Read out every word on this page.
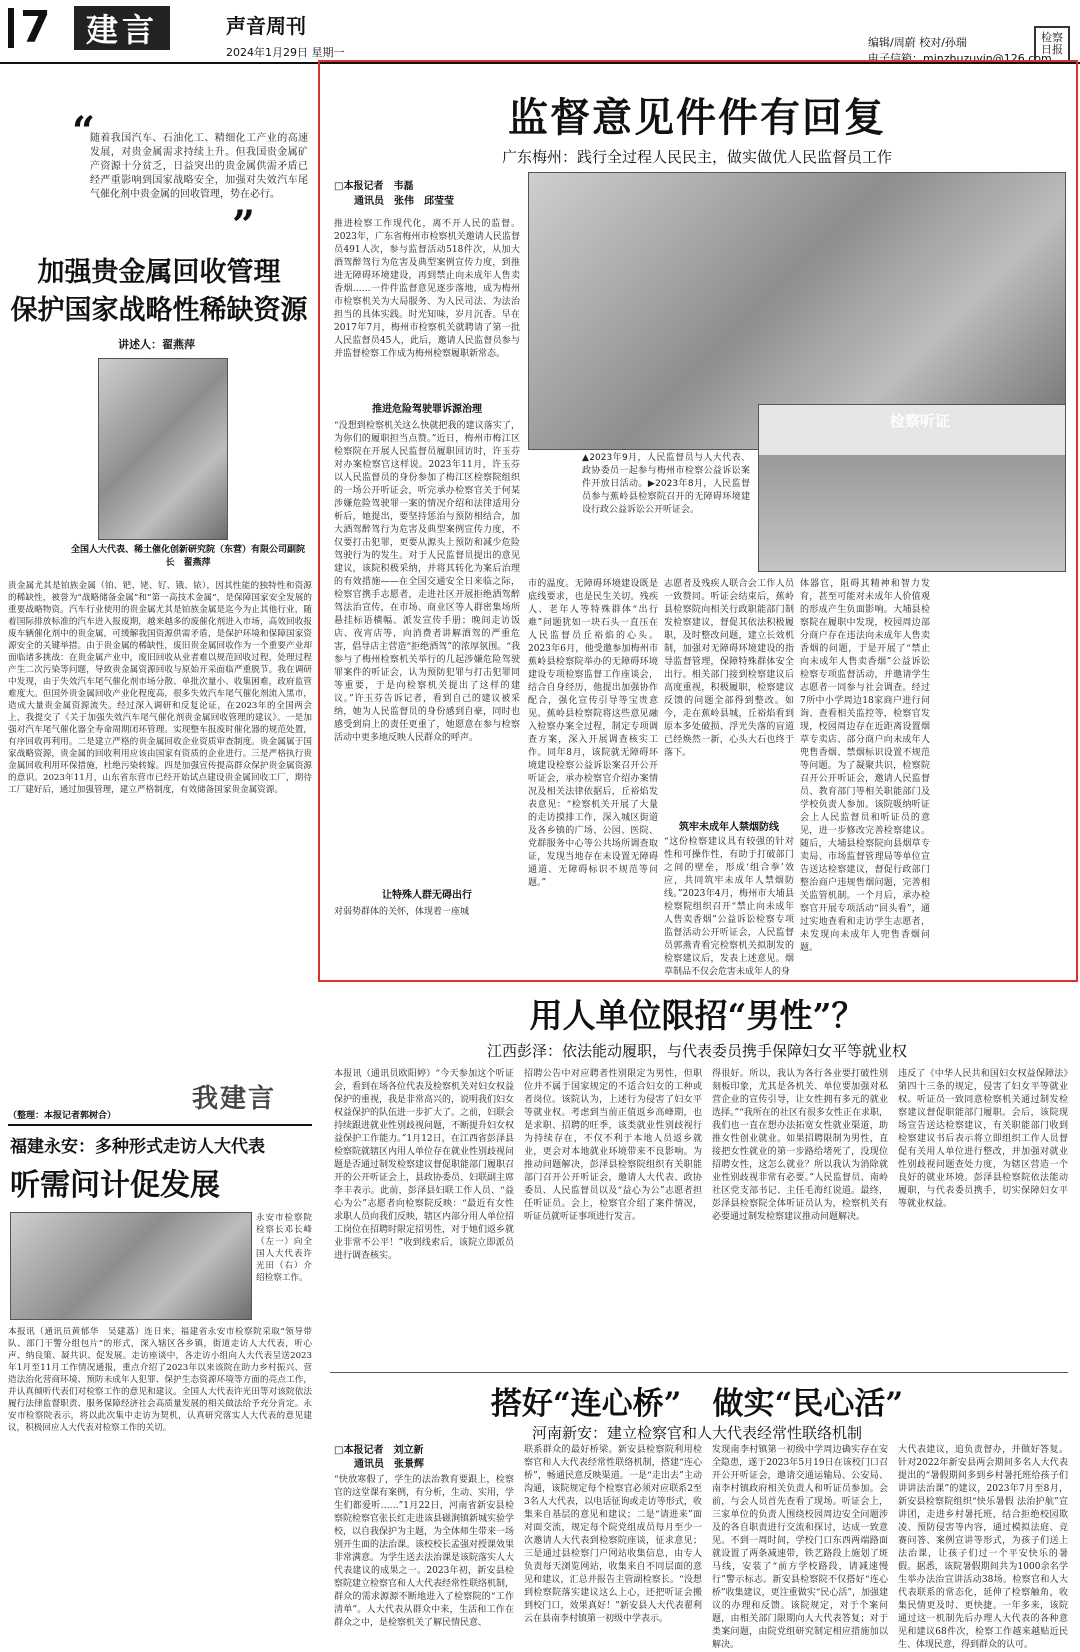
7	建言	声音周刊
2024年1月29日 星期一
编辑/周蔚 校对/孙瑞
电子信箱：minzhuzuyin@126.com
检察日报
“
随着我国汽车、石油化工、精细化工产业的高速发展，对贵金属需求持续上升。但我国贵金属矿产资源十分贫乏，日益突出的贵金属供需矛盾已经严重影响到国家战略安全，加强对失效汽车尾气催化剂中贵金属的回收管理，势在必行。
”
加强贵金属回收管理
保护国家战略性稀缺资源
讲述人：翟燕萍
全国人大代表、稀土催化创新研究院（东营）有限公司副院长　翟燕萍
贵金属尤其是铂族金属（铂、钯、铑、钌、锇、铱），因其性能的独特性和资源的稀缺性，被誉为“战略储备金属”和“第一高技术金属”，是保障国家安全发展的重要战略物资。汽车行业使用的贵金属尤其是铂族金属是迄今为止其他行业，随着国际排放标准的汽车进入报废期，越来越多的废催化剂进入市场，高效回收报废车辆催化剂中的贵金属，可缓解我国资源供需矛盾，是保护环境和保障国家资源安全的关键举措。由于贵金属的稀缺性，废旧贵金属回收作为一个重要产业却面临诸多挑战：在贵金属产业中，废旧回收从业者难以规范回收过程，处理过程产生二次污染等问题，导致贵金属资源回收与原始开采面临严重脱节。我在调研中发现，由于失效汽车尾气催化剂市场分散、单批次量小、收集困难，政府监管难度大。但国外贵金属回收产业化程度高，很多失效汽车尾气催化剂流入黑市，造成大量贵金属资源流失。经过深入调研和反复论证，在2023年的全国两会上，我提交了《关于加强失效汽车尾气催化剂贵金属回收管理的建议》。一是加强对汽车尾气催化器全寿命周期闭环管理。实现整车报废时催化器的规范处置，有序回收再利用。二是建立严格的贵金属回收企业资质审查制度。贵金属属于国家战略资源，贵金属的回收利用应该由国家有资质的企业进行。三是严格执行贵金属回收利用环保措施，杜绝污染转嫁。四是加强宣传提高群众保护贵金属资源的意识。2023年11月，山东省东营市已经开始试点建设贵金属回收工厂，期待工厂建好后，通过加强管理，建立严格制度，有效储备国家贵金属资源。
我建言
（整理：本报记者郭树合）
福建永安：多种形式走访人大代表
听需问计促发展
永安市检察院检察长邓长峰（左一）向全国人大代表许光田（右）介绍检察工作。
本报讯（通讯员黄郁华　吴建荔）连日来，福建省永安市检察院采取“领导带队、部门干警分组包片”的形式，深入辖区各乡镇，街道走访人大代表，听心声、纳良策、凝共识、促发展。走访座谈中，各走访小组向人大代表呈送2023年1月至11月工作情况通报，重点介绍了2023年以来该院在助力乡村振兴、营造法治化营商环境、预防未成年人犯罪、保护生态资源环境等方面的亮点工作，并认真倾听代表们对检察工作的意见和建议。全国人大代表许光田等对该院依法履行法律监督职责、服务保障经济社会高质量发展的相关做法给予充分肯定。永安市检察院表示，将以此次集中走访为契机，认真研究落实人大代表的意见建议，积极回应人大代表对检察工作的关切。
监督意见件件有回复
广东梅州：践行全过程人民民主，做实做优人民监督员工作
□本报记者　韦磊
通讯员　张伟　邱莹莹
推进检察工作现代化，离不开人民的监督。2023年，广东省梅州市检察机关邀请人民监督员491人次，参与监督活动518件次，从加大酒驾醉驾行为危害及典型案例宣传力度，到推进无障碍环境建设，再到禁止向未成年人售卖香烟……一件件监督意见逐步落地，成为梅州市检察机关为大局服务、为人民司法、为法治担当的具体实践。时光知味，岁月沉香。早在2017年7月，梅州市检察机关就聘请了第一批人民监督员45人，此后，邀请人民监督员参与并监督检察工作成为梅州检察履职新常态。
推进危险驾驶罪诉源治理
“没想到检察机关这么快就把我的建议落实了，为你们的履职担当点赞。”近日，梅州市梅江区检察院在开展人民监督员履职回访时，许玉芬对办案检察官这样说。2023年11月，许玉芬以人民监督员的身份参加了梅江区检察院组织的一场公开听证会，听完承办检察官关于何某涉嫌危险驾驶罪一案的情况介绍和法律适用分析后，她提出，要坚持惩治与预防相结合，加大酒驾醉驾行为危害及典型案例宣传力度，不仅要打击犯罪，更要从源头上预防和减少危险驾驶行为的发生。对于人民监督员提出的意见建议，该院积极采纳，并将其转化为案后治理的有效措施——在全国交通安全日来临之际，检察官携手志愿者，走进社区开展拒绝酒驾醉驾法治宣传，在市场、商业区等人群密集场所悬挂标语横幅、派发宣传手册；晚间走访饭店、夜宵店等，向消费者讲解酒驾的严重危害，倡导店主营造“拒绝酒驾”的浓厚氛围。“我参与了梅州检察机关举行的几起涉嫌危险驾驶罪案件的听证会，认为预防犯罪与打击犯罪同等重要，于是向检察机关提出了这样的建议。”许玉芬告诉记者，看到自己的建议被采纳，她为人民监督员的身份感到自豪，同时也感受到肩上的责任更重了，她愿意在参与检察活动中更多地反映人民群众的呼声。
让特殊人群无碍出行
对弱势群体的关怀，体现着一座城
检察听证
▲2023年9月，人民监督员与人大代表、政协委员一起参与梅州市检察公益诉讼案件开放日活动。▶2023年8月，人民监督员参与蕉岭县检察院召开的无障碍环境建设行政公益诉讼公开听证会。
市的温度。无障碍环境建设既是底线要求，也是民生关切。残疾人、老年人等特殊群体“出行难”问题犹如一块石头一直压在人民监督员丘裕焰的心头。2023年6月，他受邀参加梅州市蕉岭县检察院举办的无障碍环境建设专项检察监督工作座谈会，结合自身经历，他提出加强协作配合，强化宣传引导等宝贵意见。蕉岭县检察院将这些意见融入检察办案全过程，制定专项调查方案，深入开展调查核实工作。同年8月，该院就无障碍环境建设检察公益诉讼案召开公开听证会，承办检察官介绍办案情况及相关法律依据后，丘裕焰发表意见：“检察机关开展了大量的走访摸排工作，深入城区街道及各乡镇的广场、公园、医院、党群服务中心等公共场所调查取证，发现当地存在未设置无障碍通道、无障碍标识不规范等问题。”
志愿者及残疾人联合会工作人员一致赞同。听证会结束后，蕉岭县检察院向相关行政职能部门制发检察建议，督促其依法积极履职，及时整改问题，建立长效机制，加强对无障碍环境建设的指导监督管理，保障特殊群体安全出行。相关部门接到检察建议后高度重视，积极履职，检察建议反馈的问题全部得到整改。如今，走在蕉岭县城，丘裕焰看到原本多处破损、浮光失落的盲道已经焕然一新，心头大石也终于落下。
筑牢未成年人禁烟防线
“这份检察建议具有较强的针对性和可操作性，有助于打破部门之间的壁垒，形成‘组合拳’效应，共同筑牢未成年人禁烟防线。”2023年4月，梅州市大埔县检察院组织召开“禁止向未成年人售卖香烟”公益诉讼检察专项监督活动公开听证会，人民监督员郭燕青看完检察机关拟制发的检察建议后，发表上述意见。烟草制品不仅会危害未成年人的身
体器官，阻碍其精神和智力发育，甚至可能对未成年人价值观的形成产生负面影响。大埔县检察院在履职中发现，校园周边部分商户存在违法向未成年人售卖香烟的问题，于是开展了“禁止向未成年人售卖香烟”公益诉讼检察专项监督活动，并邀请学生志愿者一同参与社会调查。经过7所中小学周边18家商户进行问询、查看相关监控等，检察官发现，校园周边存在近距离设置烟草专卖店、部分商户向未成年人兜售香烟、禁烟标识设置不规范等问题。为了凝聚共识，检察院召开公开听证会，邀请人民监督员、教育部门等相关职能部门及学校负责人参加。该院吸纳听证会上人民监督员和听证员的意见，进一步修改完善检察建议。随后，大埔县检察院向县烟草专卖局、市场监督管理局等单位宣告送达检察建议，督促行政部门整治商户违规售烟问题，完善相关监管机制。一个月后，承办检察官开展专项活动“回头看”，通过实地查看和走访学生志愿者，未发现向未成年人兜售香烟问题。
用人单位限招“男性”？
江西彭泽：依法能动履职，与代表委员携手保障妇女平等就业权
本报讯（通讯员欧阳婷）“今天参加这个听证会，看到在场各位代表及检察机关对妇女权益保护的重视，我是非常高兴的，说明我们妇女权益保护的队伍进一步扩大了。之前，妇联会持续跟进就业性别歧视问题，不断提升妇女权益保护工作能力。”1月12日，在江西省彭泽县检察院就辖区内用人单位存在就业性别歧视问题是否通过制发检察建议督促职能部门履职召开的公开听证会上，县政协委员、妇联副主席李丰表示。此前，彭泽县妇联工作人员、“益心为公”志愿者向检察院反映：“最近有女性求职人员向我们反映，辖区内部分用人单位招工岗位在招聘时限定招男性，对于她们返乡就业非常不公平！”收到线索后，该院立即派员进行调查核实。
招聘公告中对应聘者性别限定为男性，但职位并不属于国家规定的不适合妇女的工种或者岗位。该院认为，上述行为侵害了妇女平等就业权。考虑到当前正值返乡高峰期，也是求职、招聘的旺季，该类就业性别歧视行为持续存在，不仅不利于本地人员返乡就业，更会对本地就业环境带来不良影响。为推动问题解决，彭泽县检察院组织有关职能部门召开公开听证会，邀请人大代表、政协委员、人民监督员以及“益心为公”志愿者担任听证员。会上，检察官介绍了案件情况，听证员就听证事项进行发言。
得很好。所以，我认为各行各业要打破性别刻板印象，尤其是各机关、单位要加强对私营企业的宣传引导，让女性拥有多元的就业选择。”“我所在的社区有很多女性正在求职，我们也一直在想办法拓宽女性就业渠道，助推女性创业就业。如果招聘限制为男性，直接把女性就业的第一步路给堵死了，没现位招聘女性，这怎么就业？所以我认为消除就业性别歧视非常有必要。”人民监督员、南岭社区党支部书记、主任毛海红说道。最终，彭泽县检察院全体听证员认为，检察机关有必要通过制发检察建议推动问题解决。
违反了《中华人民共和国妇女权益保障法》第四十三条的规定，侵害了妇女平等就业权。听证员一致同意检察机关通过制发检察建议督促职能部门履职。会后，该院现场宣告送达检察建议，有关职能部门收到检察建议书后表示将立即组织工作人员督促有关用人单位进行整改，并加强对就业性别歧视问题查处力度，为辖区营造一个良好的就业环境。彭泽县检察院依法能动履职，与代表委员携手，切实保障妇女平等就业权益。
搭好“连心桥”　做实“民心活”
河南新安：建立检察官和人大代表经常性联络机制
□本报记者　刘立新
通讯员　张景辉
“快放寒假了，学生的法治教育要跟上，检察官的这堂课有案例，有分析，生动、实用，学生们都爱听……”1月22日，河南省新安县检察院检察官张长红走进该县磁涧镇新城实验学校，以自我保护为主题，为全体师生带来一场别开生面的法治课。该校校长孟强对授课效果非常满意。为学生送去法治课是该院落实人大代表建议的成果之一。2023年初，新安县检察院建立检察官和人大代表经常性联络机制，群众的需求源源不断地进入了检察院的“工作清单”。人大代表从群众中来，生活和工作在群众之中，是检察机关了解民情民意、
联系群众的最好桥梁。新安县检察院利用检察官和人大代表经常性联络机制，搭建“连心桥”，畅通民意反映渠道。一是“走出去”主动沟通，该院规定每个检察官必须对应联系2至3名人大代表，以电话征询或走访等形式，收集来自基层的意见和建议；二是“请进来”面对面交流，规定每个院党组成员每月至少一次邀请人大代表到检察院座谈，征求意见；三是通过县检察门户网站收集信息，由专人负责每天浏览网站，收集来自不同层面的意见和建议，汇总并报告主管副检察长。“没想到检察院落实建议这么上心，还把听证会搬到校门口，效果真好！”新安县人大代表翟利云在县南李村镇第一初级中学表示。
发现南李村镇第一初级中学周边确实存在安全隐患，遂于2023年5月19日在该校门口召开公开听证会，邀请交通运输局、公安局、南李村镇政府相关负责人和听证员参加。会前，与会人员首先查看了现场。听证会上，三家单位的负责人围绕校园周边安全问题涉及的各自职责进行交流和探讨，达成一致意见。不到一周时间，学校门口东西两端路面就设置了两条减速带，铁艺路段上施划了斑马线，安装了“前方学校路段，请减速慢行”警示标志。新安县检察院不仅搭好“连心桥”收集建议，更注重做实“民心活”，加强建议的办理和反馈。该院规定，对于个案问题，由相关部门限期向人大代表答复；对于类案问题，由院党组研究制定相应措施加以解决。
大代表建议，追负责督办，并做好答复。针对2022年新安县两会期间多名人大代表提出的“暑假期间多到乡村暑托班给孩子们讲讲法治课”的建议，2023年7月至8月，新安县检察院组织“快乐暑假 法治护航”宣讲团，走进乡村暑托班，结合拒绝校园欺凌、预防侵害等内容，通过模拟法庭、竞赛问答、案例宣讲等形式，为孩子们送上法治课，让孩子们过一个平安快乐的暑假。据悉，该院暑假期间共为1000余名学生举办法治宣讲活动38场。检察官和人大代表联系的常态化，延伸了检察触角，收集民情更及时、更快捷。一年多来，该院通过这一机制先后办理人大代表的各种意见和建议68件次，检察工作越来越贴近民生、体现民意，得到群众的认可。
